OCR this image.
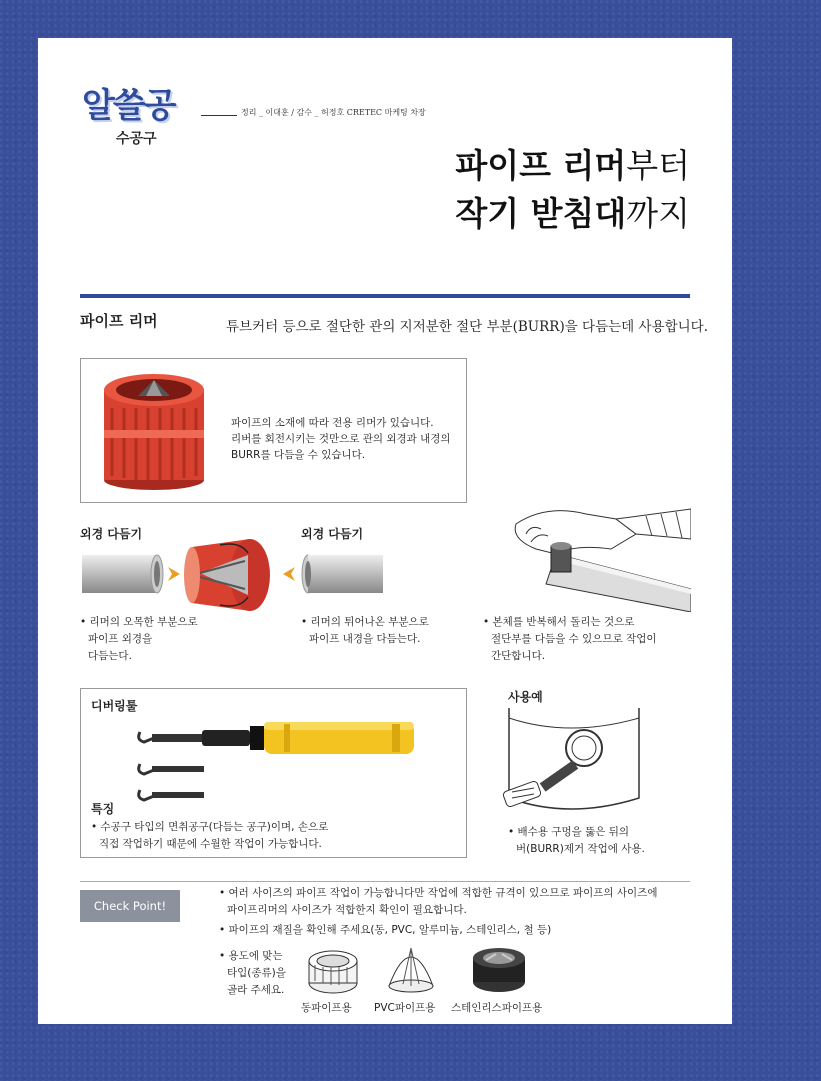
알쓸공	정리 _ 이대훈 / 감수 _ 허정호 CRETEC 마케팅 차장
수공구
파이프 리머부터
작기 받침대까지
파이프 리머	튜브커터 등으로 절단한 관의 지저분한 절단 부분(BURR)을 다듬는데 사용합니다.
파이프의 소재에 따라 전용 리머가 있습니다.
리버를 회전시키는 것만으로 관의 외경과 내경의
BURR를 다듬을 수 있습니다.
외경 다듬기	외경 다듬기
• 리머의 오목한 부분으로
파이프 외경을
다듬는다.
• 리머의 튀어나온 부분으로
파이프 내경을 다듬는다.
• 본체를 반복해서 돌리는 것으로
절단부를 다듬을 수 있으므로 작업이
간단합니다.
디버링툴
특징
• 수공구 타입의 면취공구(다듬는 공구)이며, 손으로
직접 작업하기 때문에 수월한 작업이 가능합니다.
사용예
• 배수용 구멍을 뚫은 뒤의
버(BURR)제거 작업에 사용.
Check Point!
• 여러 사이즈의 파이프 작업이 가능합니다만 작업에 적합한 규격이 있으므로 파이프의 사이즈에
파이프리머의 사이즈가 적합한지 확인이 필요합니다.
• 파이프의 재질을 확인해 주세요(동, PVC, 알루미늄, 스테인리스, 철 등)
• 용도에 맞는
타입(종류)을
골라 주세요.
동파이프용 PVC파이프용 스테인리스파이프용
